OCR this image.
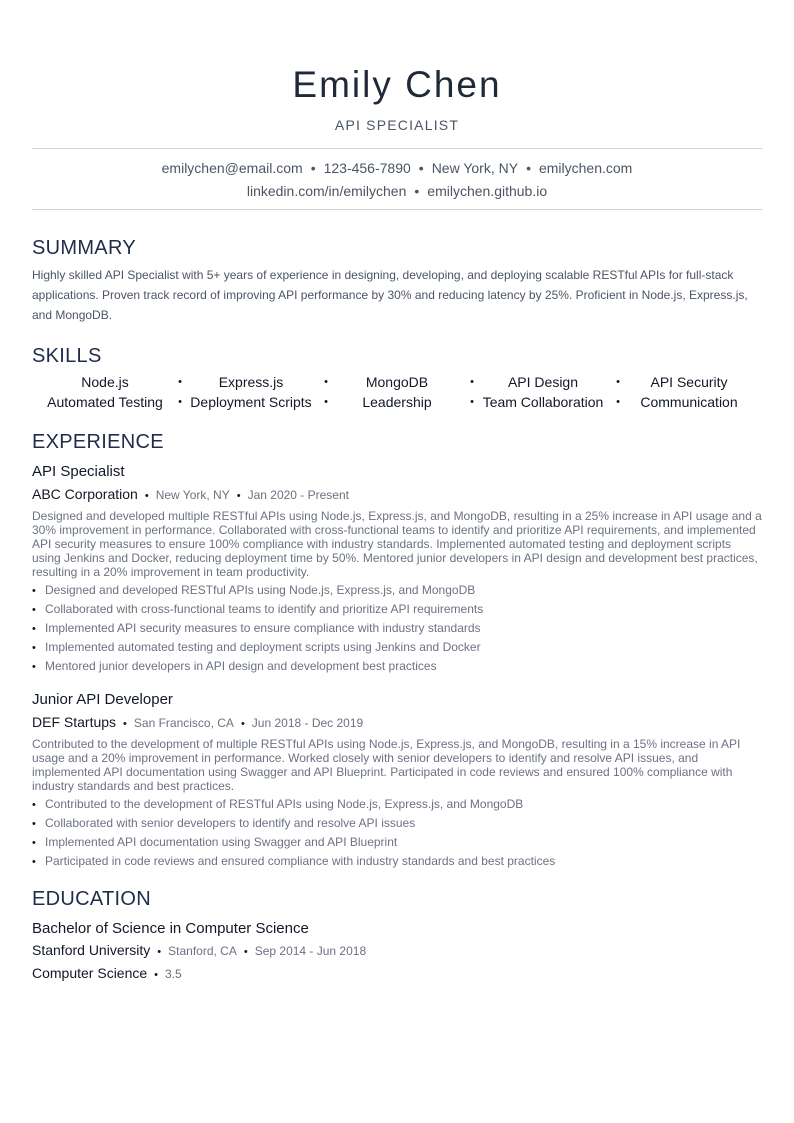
Emily Chen
API SPECIALIST
emilychen@email.com • 123-456-7890 • New York, NY • emilychen.com
linkedin.com/in/emilychen • emilychen.github.io
SUMMARY

Highly skilled API Specialist with 5+ years of experience in designing, developing, and deploying scalable RESTful APIs for full-stack applications. Proven track record of improving API performance by 30% and reducing latency by 25%. Proficient in Node.js, Express.js, and MongoDB.

SKILLS
Node.js •	Express.js •	MongoDB •	API Design •	API Security
Automated Testing •	Deployment Scripts •	Leadership •	Team Collaboration •	Communication
EXPERIENCE
API Specialist
ABC Corporation • New York, NY • Jan 2020 - Present

Designed and developed multiple RESTful APIs using Node.js, Express.js, and MongoDB, resulting in a 25% increase in API usage and a 30% improvement in performance. Collaborated with cross-functional teams to identify and prioritize API requirements, and implemented API security measures to ensure 100% compliance with industry standards. Implemented automated testing and deployment scripts using Jenkins and Docker, reducing deployment time by 50%. Mentored junior developers in API design and development best practices, resulting in a 20% improvement in team productivity.

• Designed and developed RESTful APIs using Node.js, Express.js, and MongoDB
• Collaborated with cross-functional teams to identify and prioritize API requirements
• Implemented API security measures to ensure compliance with industry standards
• Implemented automated testing and deployment scripts using Jenkins and Docker
• Mentored junior developers in API design and development best practices
Junior API Developer
DEF Startups • San Francisco, CA • Jun 2018 - Dec 2019

Contributed to the development of multiple RESTful APIs using Node.js, Express.js, and MongoDB, resulting in a 15% increase in API usage and a 20% improvement in performance. Worked closely with senior developers to identify and resolve API issues, and implemented API documentation using Swagger and API Blueprint. Participated in code reviews and ensured 100% compliance with industry standards and best practices.

• Contributed to the development of RESTful APIs using Node.js, Express.js, and MongoDB
• Collaborated with senior developers to identify and resolve API issues
• Implemented API documentation using Swagger and API Blueprint
• Participated in code reviews and ensured compliance with industry standards and best practices
EDUCATION
Bachelor of Science in Computer Science
Stanford University • Stanford, CA • Sep 2014 - Jun 2018
Computer Science • 3.5
